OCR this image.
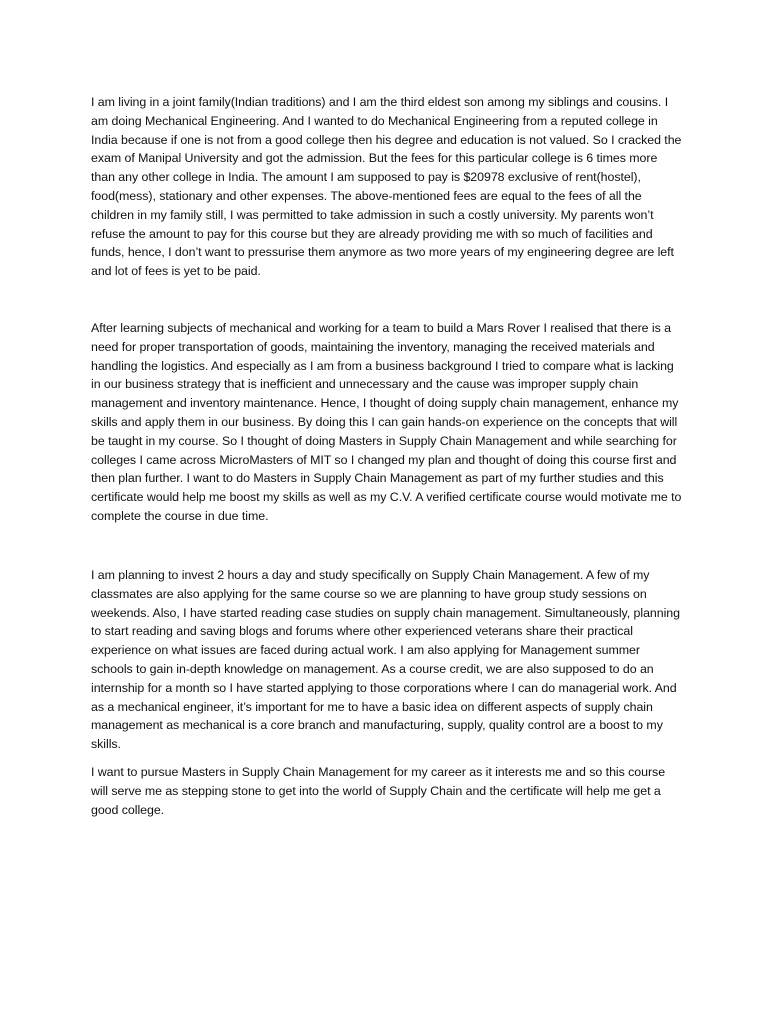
I am living in a joint family(Indian traditions) and I am the third eldest son among my siblings and cousins. I am doing Mechanical Engineering. And I wanted to do Mechanical Engineering from a reputed college in India because if one is not from a good college then his degree and education is not valued. So I cracked the exam of Manipal University and got the admission. But the fees for this particular college is 6 times more than any other college in India. The amount I am supposed to pay is $20978 exclusive of rent(hostel), food(mess), stationary and other expenses. The above-mentioned fees are equal to the fees of all the children in my family still, I was permitted to take admission in such a costly university. My parents won’t refuse the amount to pay for this course but they are already providing me with so much of facilities and funds, hence, I don’t want to pressurise them anymore as two more years of my engineering degree are left and lot of fees is yet to be paid.

After learning subjects of mechanical and working for a team to build a Mars Rover I realised that there is a need for proper transportation of goods, maintaining the inventory, managing the received materials and handling the logistics. And especially as I am from a business background I tried to compare what is lacking in our business strategy that is inefficient and unnecessary and the cause was improper supply chain management and inventory maintenance. Hence, I thought of doing supply chain management, enhance my skills and apply them in our business. By doing this I can gain hands-on experience on the concepts that will be taught in my course. So I thought of doing Masters in Supply Chain Management and while searching for colleges I came across MicroMasters of MIT so I changed my plan and thought of doing this course first and then plan further. I want to do Masters in Supply Chain Management as part of my further studies and this certificate would help me boost my skills as well as my C.V. A verified certificate course would motivate me to complete the course in due time.

I am planning to invest 2 hours a day and study specifically on Supply Chain Management. A few of my classmates are also applying for the same course so we are planning to have group study sessions on weekends. Also, I have started reading case studies on supply chain management. Simultaneously, planning to start reading and saving blogs and forums where other experienced veterans share their practical experience on what issues are faced during actual work. I am also applying for Management summer schools to gain in-depth knowledge on management. As a course credit, we are also supposed to do an internship for a month so I have started applying to those corporations where I can do managerial work. And as a mechanical engineer, it’s important for me to have a basic idea on different aspects of supply chain management as mechanical is a core branch and manufacturing, supply, quality control are a boost to my skills.

I want to pursue Masters in Supply Chain Management for my career as it interests me and so this course will serve me as stepping stone to get into the world of Supply Chain and the certificate will help me get a good college.
